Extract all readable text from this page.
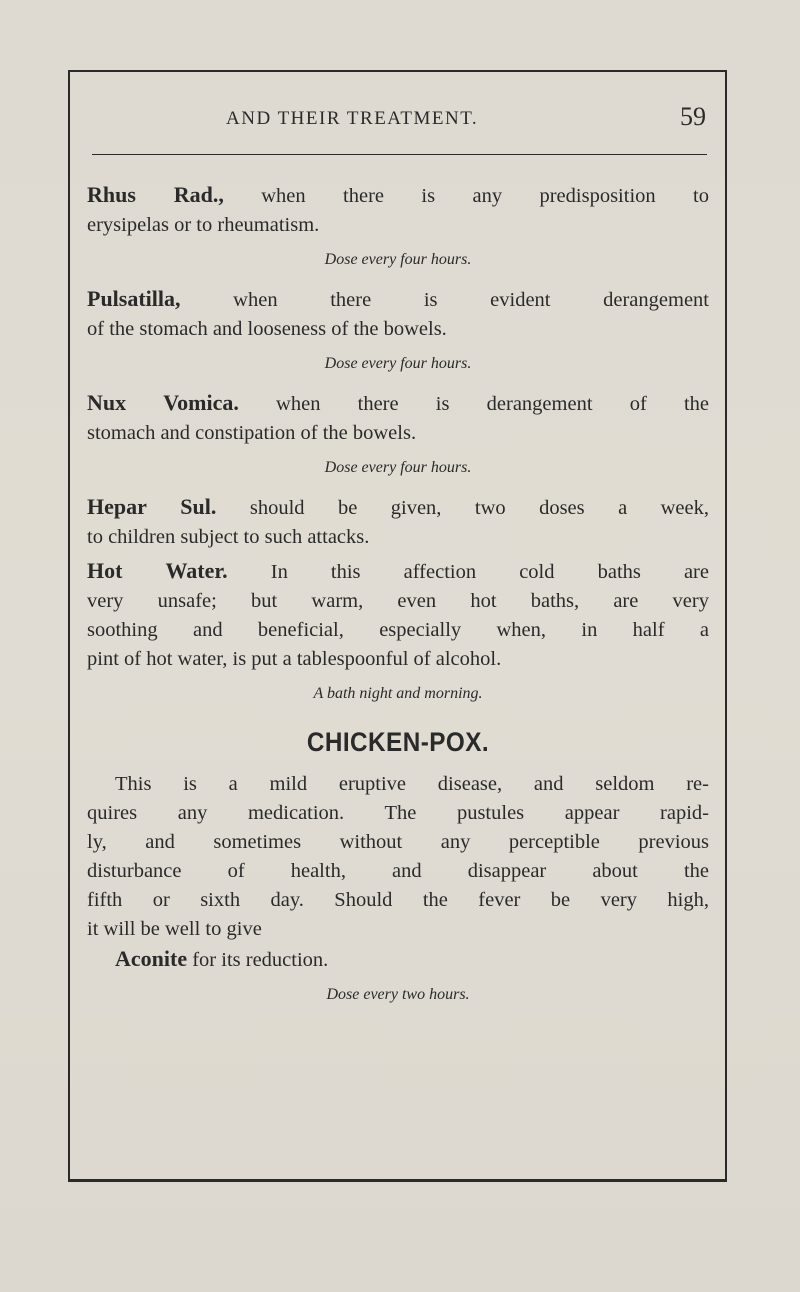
AND THEIR TREATMENT.	59

Rhus Rad., when there is any predisposition to
erysipelas or to rheumatism.

Dose every four hours.

Pulsatilla, when there is evident derangement
of the stomach and looseness of the bowels.

Dose every four hours.

Nux Vomica. when there is derangement of the
stomach and constipation of the bowels.

Dose every four hours.

Hepar Sul. should be given, two doses a week,
to children subject to such attacks.

Hot Water. In this affection cold baths are
very unsafe; but warm, even hot baths, are very
soothing and beneficial, especially when, in half a
pint of hot water, is put a tablespoonful of alcohol.

A bath night and morning.
CHICKEN-POX.

This is a mild eruptive disease, and seldom re-
quires any medication. The pustules appear rapid-
ly, and sometimes without any perceptible previous
disturbance of health, and disappear about the
fifth or sixth day. Should the fever be very high,
it will be well to give
Aconite for its reduction.

Dose every two hours.
